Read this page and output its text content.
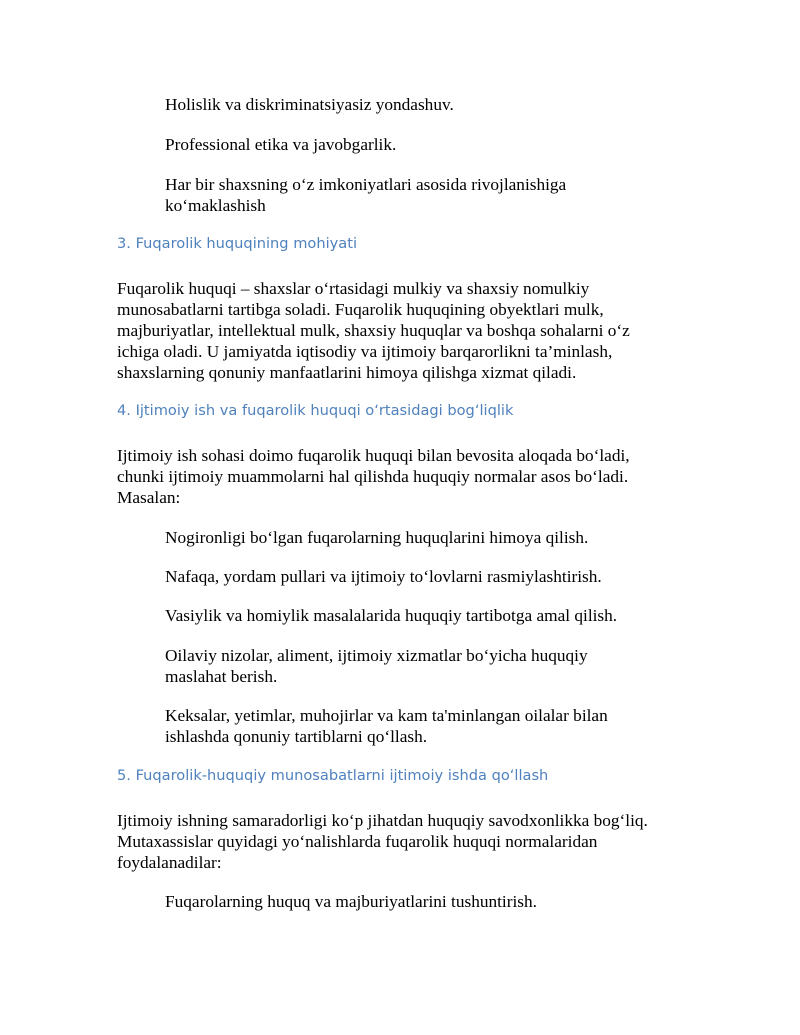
Holislik va diskriminatsiyasiz yondashuv.
Professional etika va javobgarlik.
Har bir shaxsning o‘z imkoniyatlari asosida rivojlanishiga
ko‘maklashish
3. Fuqarolik huquqining mohiyati
Fuqarolik huquqi – shaxslar o‘rtasidagi mulkiy va shaxsiy nomulkiy
munosabatlarni tartibga soladi. Fuqarolik huquqining obyektlari mulk,
majburiyatlar, intellektual mulk, shaxsiy huquqlar va boshqa sohalarni o‘z
ichiga oladi. U jamiyatda iqtisodiy va ijtimoiy barqarorlikni ta’minlash,
shaxslarning qonuniy manfaatlarini himoya qilishga xizmat qiladi.
4. Ijtimoiy ish va fuqarolik huquqi o‘rtasidagi bog‘liqlik
Ijtimoiy ish sohasi doimo fuqarolik huquqi bilan bevosita aloqada bo‘ladi,
chunki ijtimoiy muammolarni hal qilishda huquqiy normalar asos bo‘ladi.
Masalan:
Nogironligi bo‘lgan fuqarolarning huquqlarini himoya qilish.
Nafaqa, yordam pullari va ijtimoiy to‘lovlarni rasmiylashtirish.
Vasiylik va homiylik masalalarida huquqiy tartibotga amal qilish.
Oilaviy nizolar, aliment, ijtimoiy xizmatlar bo‘yicha huquqiy
maslahat berish.
Keksalar, yetimlar, muhojirlar va kam ta'minlangan oilalar bilan
ishlashda qonuniy tartiblarni qo‘llash.
5. Fuqarolik-huquqiy munosabatlarni ijtimoiy ishda qo‘llash
Ijtimoiy ishning samaradorligi ko‘p jihatdan huquqiy savodxonlikka bog‘liq.
Mutaxassislar quyidagi yo‘nalishlarda fuqarolik huquqi normalaridan
foydalanadilar:
Fuqarolarning huquq va majburiyatlarini tushuntirish.
